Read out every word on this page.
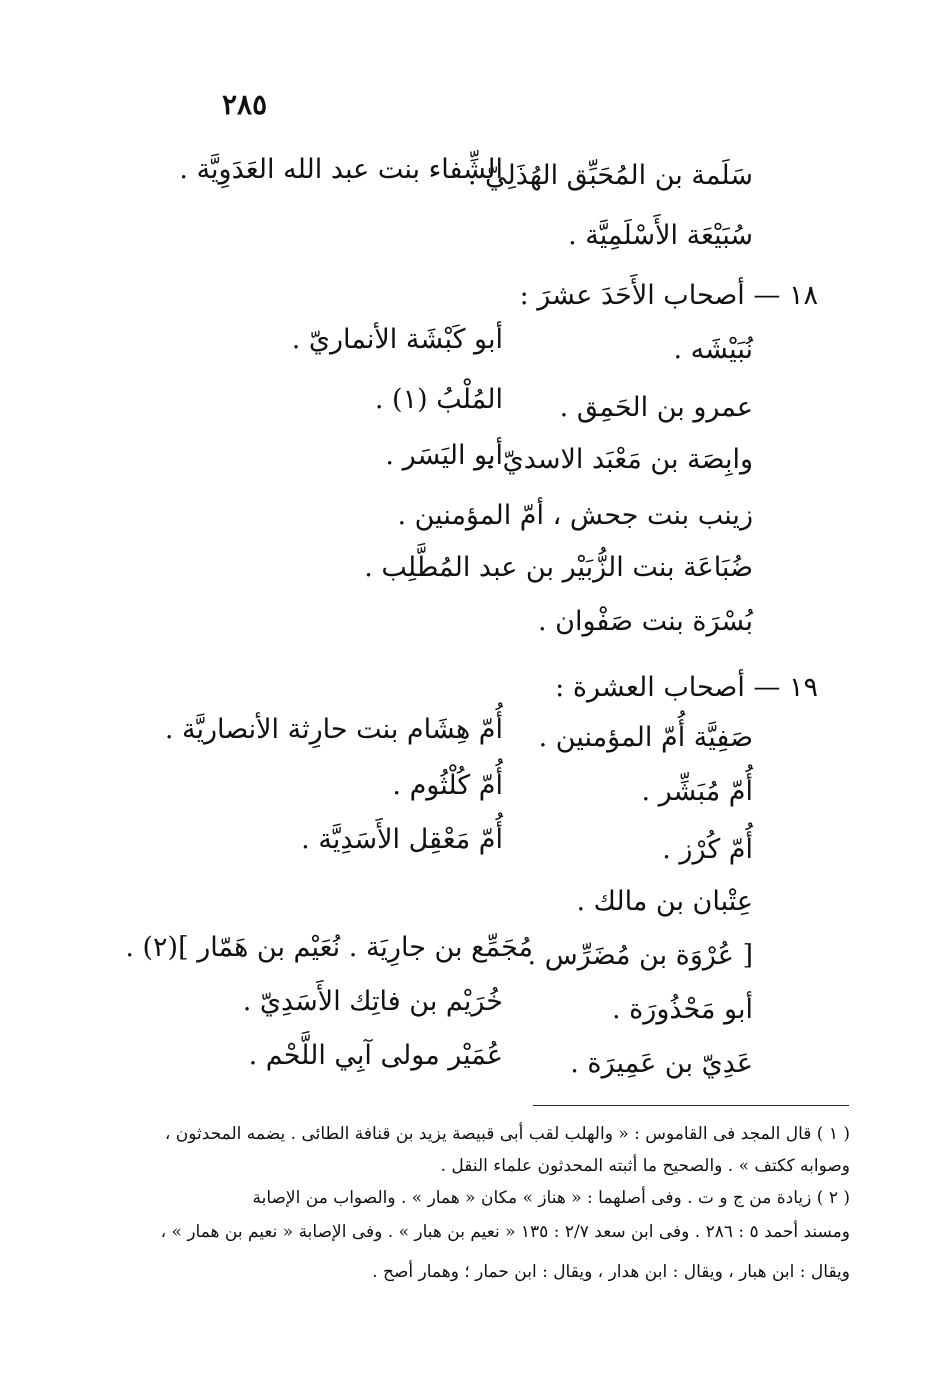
٢٨٥
سَلَمة بن المُحَبِّق الهُذَلِيّ .
الشِّفاء بنت عبد الله العَدَوِيَّة .
سُبَيْعَة الأَسْلَمِيَّة .
١٨ — أصحاب الأَحَدَ عشرَ :
نُبَيْشَه .
أبو كَبْشَة الأنماريّ .
عمرو بن الحَمِق .
المُلْبُ (١) .
وابِصَة بن مَعْبَد الاسديّ .
أبو اليَسَر .
زينب بنت جحش ، أمّ المؤمنين .
ضُبَاعَة بنت الزُّبَيْر بن عبد المُطَّلِب .
بُسْرَة بنت صَفْوان .
١٩ — أصحاب العشرة :
صَفِيَّة أُمّ المؤمنين .
أُمّ هِشَام بنت حارِثة الأنصاريَّة .
أُمّ مُبَشِّر .
أُمّ كُلْثُوم .
أُمّ كُرْز .
أُمّ مَعْقِل الأَسَدِيَّة .
عِتْبان بن مالك .
[ عُرْوَة بن مُضَرِّس .
مُجَمِّع بن جارِيَة . نُعَيْم بن هَمّار ](٢) .
أبو مَحْذُورَة .
خُرَيْم بن فاتِك الأَسَدِيّ .
عَدِيّ بن عَمِيرَة .
عُمَيْر مولى آبِي اللَّحْم .
( ١ ) قال المجد فى القاموس : « والهلب لقب أبى قبيصة يزيد بن قنافة الطائى . يضمه المحدثون ،
وصوابه ككتف » . والصحيح ما أثبته المحدثون علماء النقل .
( ٢ ) زيادة من ج و ت . وفى أصلهما : « هناز » مكان « همار » . والصواب من الإصابة
ومسند أحمد ٥ : ٢٨٦ . وفى ابن سعد ٢/٧ : ١٣٥ « نعيم بن هبار » . وفى الإصابة « نعيم بن همار » ،
ويقال : ابن هبار ، ويقال : ابن هدار ، ويقال : ابن حمار ؛ وهمار أصح .
